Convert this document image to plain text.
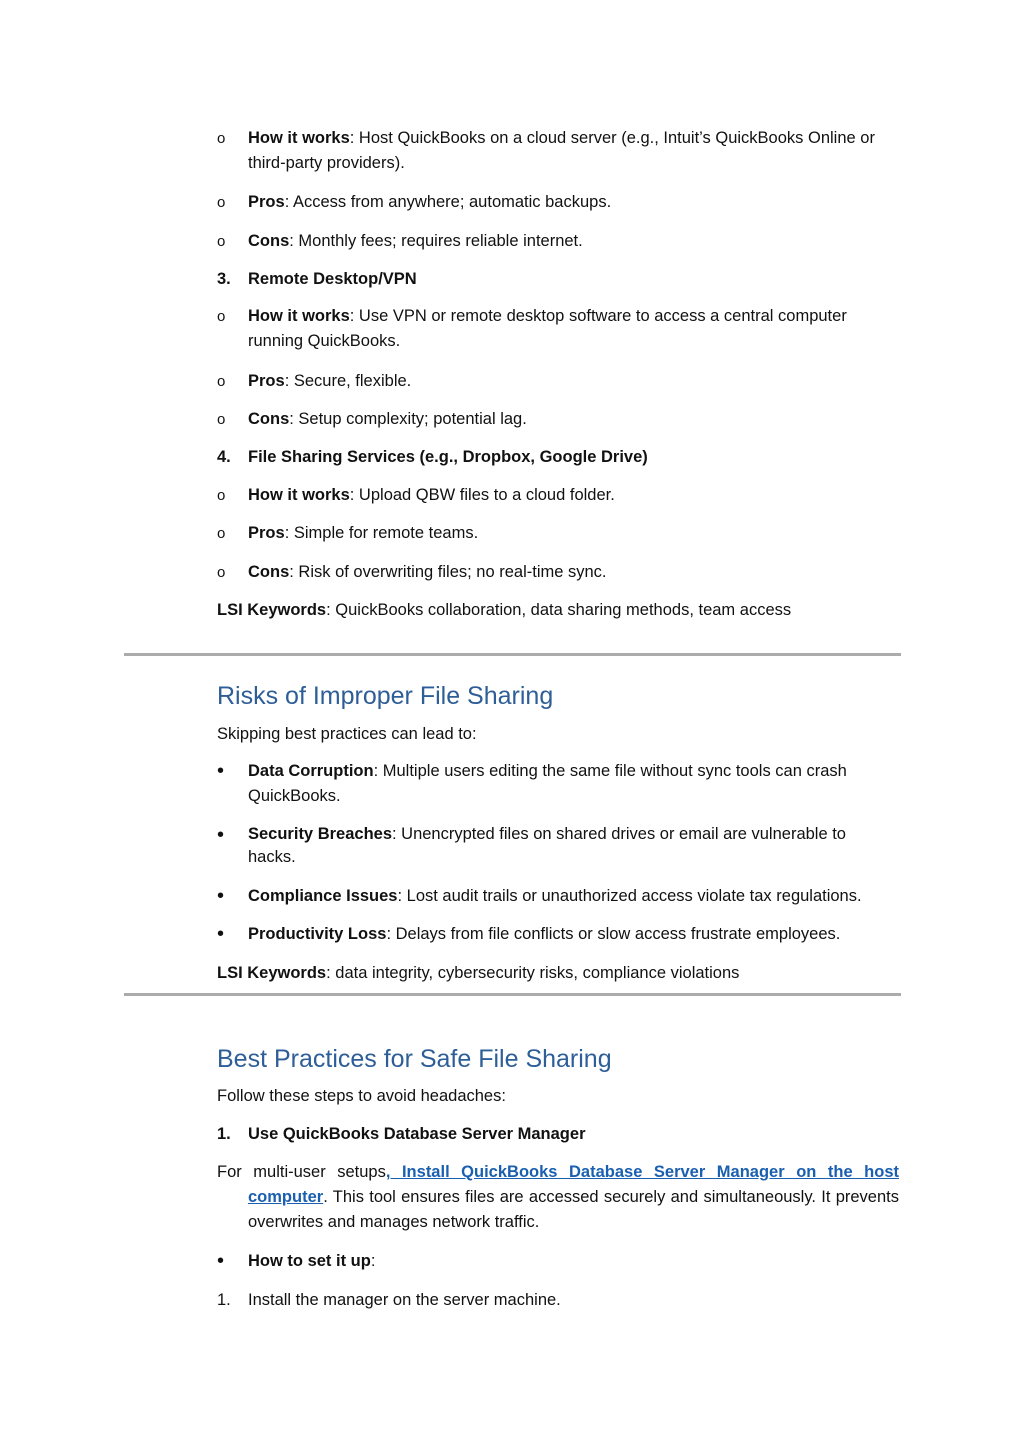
o	How it works: Host QuickBooks on a cloud server (e.g., Intuit’s QuickBooks Online or
third-party providers).
o	Pros: Access from anywhere; automatic backups.
o	Cons: Monthly fees; requires reliable internet.
3.	Remote Desktop/VPN
o	How it works: Use VPN or remote desktop software to access a central computer
running QuickBooks.
o	Pros: Secure, flexible.
o	Cons: Setup complexity; potential lag.
4.	File Sharing Services (e.g., Dropbox, Google Drive)
o	How it works: Upload QBW files to a cloud folder.
o	Pros: Simple for remote teams.
o	Cons: Risk of overwriting files; no real-time sync.
LSI Keywords: QuickBooks collaboration, data sharing methods, team access
Risks of Improper File Sharing
Skipping best practices can lead to:
•	Data Corruption: Multiple users editing the same file without sync tools can crash
QuickBooks.
•	Security Breaches: Unencrypted files on shared drives or email are vulnerable to
hacks.
•	Compliance Issues: Lost audit trails or unauthorized access violate tax regulations.
•	Productivity Loss: Delays from file conflicts or slow access frustrate employees.
LSI Keywords: data integrity, cybersecurity risks, compliance violations
Best Practices for Safe File Sharing
Follow these steps to avoid headaches:
1.	Use QuickBooks Database Server Manager
For multi-user setups, Install QuickBooks Database Server Manager on the host computer. This tool ensures files are accessed securely and simultaneously. It prevents overwrites and manages network traffic.
•	How to set it up:
1.	Install the manager on the server machine.
